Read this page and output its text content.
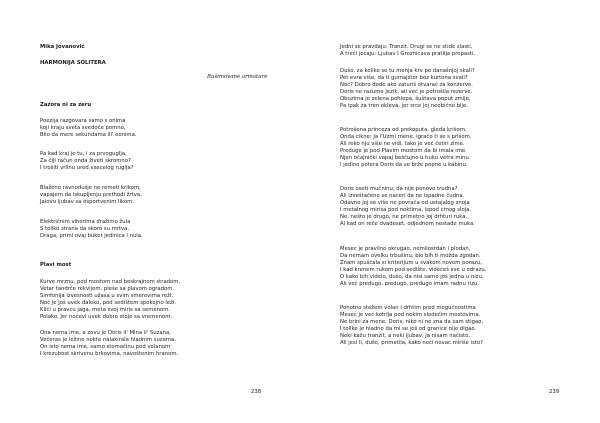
Mika Jovanović
HARMONIJA SOLITERA
Rašimovane armature
Zazora ni za zeru
Poezija razgovara samo s onima
koji kraju sveta svedoče pomno,
Bilo da mere sekundama ili' eonima.
Pa kad kraj je tu, i za prvoguglja,
Za čiji račun onda živeti skromno?
I trošiti vrlinu ured vascelog ruglja?
Blaženo ravnodušje ne remeti krikom,
vapajem da iskupljenju prethodi žrtva,
Jalovu ljubav sa osportvenim likom.
Električnim vihorima dražimo žula
S toliko strana da skoro su mrtva.
Draga, primi ovaj buket jedinica i nula.
Plavi most
Kurve mrznu, pod mostom nad beskrajnom stradom,
Vetar tandrče rekvijem, pleše sa plavom ogradom.
Simfonija izvesnosti užasa u svim smerovima reži,
Noć je još uvek daleko, pod sedištem spokojno leži.
Kliči u pravcu jaga, meta svoj miris sa semenom.
Polako. Jer noćevi uvek dobro stoje sa vremenom.
Ona nema ime, a zovu je Doris il' Mina il' Suzana,
Večeras je ležine nokte nalakirala hladnim suzama.
On isto nema ime, samo stomačinu pod volanom
I krezubost skrivenu brkovima, navoštenim hranom.
238
Jedni se pravdaju: Tranzit. Drugi se ne stide slasti,
A treći jecaju: Ljubav I Groznićava pratilja propasti.
Dušo, za koliko se tu menja krv po današnjoj skali?
Pet evra više, da ti gumajstor bez kurtona svali?
Noć? Dobro dođe ako zaturiš otvarač za konzerve.
Doris ne razume jezik, ali već je potrošila rezerve.
Obuzima je zelena pohlepa, šuštava poput zmije,
Pa ipak za tren okleva, jer srce joj neobično bije.
Potrošena princeza od prekoputa, gleda krišom,
Onda cikne: Ja l'Uzmi mene, igračo ti se s prišom.
Ali reko nju više ne vidi, tako je već četiri zime.
Preduge je pod Plavim mostom da bi imala ime.
Njen očajnički vapaj beščujno u huku vetra minu
I jedino potera Doris da se brže popne u kabinu.
Doris oseti mučninu, da nije ponovo trudna?
Ali izveštačeno se naceri da ne ispadne čudna.
Odavno joj se više ne povraća od ustajalog znoja
I metalnog mirisa pod noktima, ispod crnog sloja.
Ne, nešto je drugo, ne primetno joj drhturi ruka,
Al kad on reče dvadeset, odjednom nestade muka.
Mesec je pravilno okrugao, nemilosrdan i plodan,
Da nemam ovelku trbušinu, bio bih ti možda zgodan.
Znam spušćala si kriterijum u svakom novom porazu,
I kad krenem rukom pod sedište, videćeš sve u odrazu.
O kako bih videlo, dušo, da nisi samo još jedna u nizu,
Ali već predugo, predugo, predugo imam radnu rizu.
Pohotno stežem volan i drhtim pred mogućnostima
Mesec je već kotrlja pod nekim sledećim mostovima.
Ne brini za mene, Doris, niko ni ne zna da sam stigao,
I tolike je hladno da mi se još od granice nije digao.
Neki kažu tranzit, a neki ljubav, ja nisam načisto,
Ali jesi li, dušo, primetila, kako noći novac miriše isto?
239
